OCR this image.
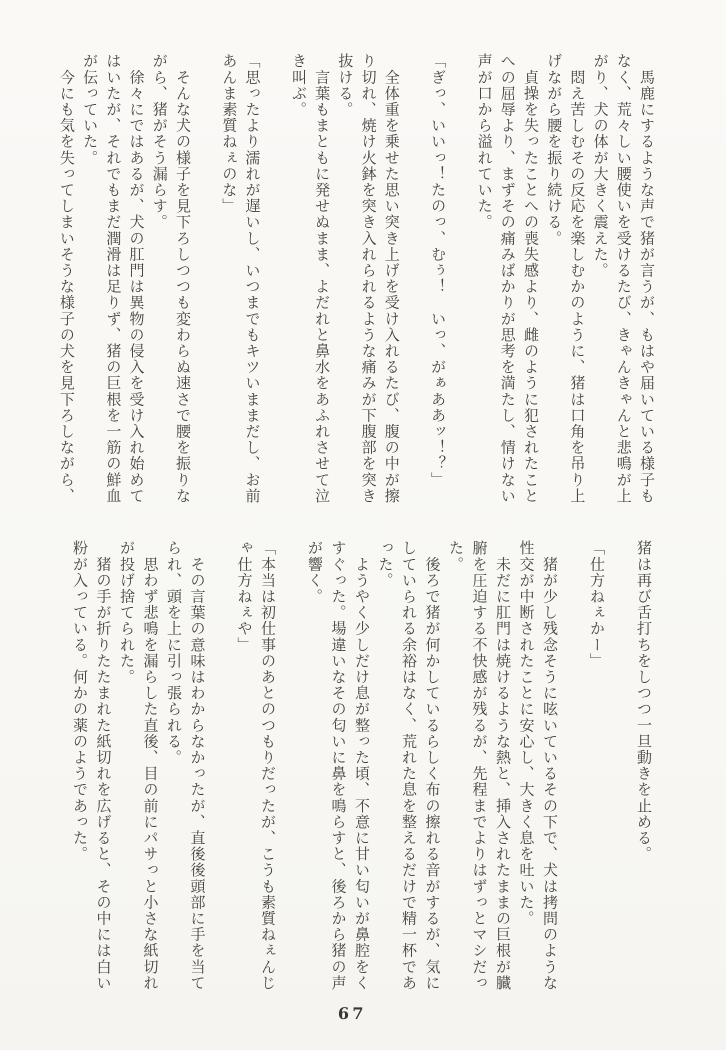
　馬鹿にするような声で猪が言うが、もはや届いている様子も
なく、荒々しい腰使いを受けるたび、きゃんきゃんと悲鳴が上
がり、犬の体が大きく震えた。
　悶え苦しむその反応を楽しむかのように、猪は口角を吊り上
げながら腰を振り続ける。
　貞操を失ったことへの喪失感より、雌のように犯されたこと
への屈辱より、まずその痛みばかりが思考を満たし、情けない
声が口から溢れていた。

「ぎっ、いいっ！たのっ、むぅ！　いっ、がぁああッ！？」

　全体重を乗せた思い突き上げを受け入れるたび、腹の中が擦
り切れ、焼け火鉢を突き入れられるような痛みが下腹部を突き
抜ける。
　言葉もまともに発せぬまま、よだれと鼻水をあふれさせて泣
き叫ぶ。

「思ったより濡れが遅いし、いつまでもキツいままだし、お前
あんま素質ねぇのな」

　そんな犬の様子を見下ろしつつも変わらぬ速さで腰を振りな
がら、猪がそう漏らす。
　徐々にではあるが、犬の肛門は異物の侵入を受け入れ始めて
はいたが、それでもまだ潤滑は足りず、猪の巨根を一筋の鮮血
が伝っていた。
　今にも気を失ってしまいそうな様子の犬を見下ろしながら、
猪は再び舌打ちをしつつ一旦動きを止める。

「仕方ねぇかー」

　猪が少し残念そうに呟いているその下で、犬は拷問のような
性交が中断されたことに安心し、大きく息を吐いた。
　未だに肛門は焼けるような熱と、挿入されたままの巨根が臓
腑を圧迫する不快感が残るが、先程までよりはずっとマシだっ
た。
　後ろで猪が何かしているらしく布の擦れる音がするが、気に
していられる余裕はなく、荒れた息を整えるだけで精一杯であ
った。
　ようやく少しだけ息が整った頃、不意に甘い匂いが鼻腔をく
すぐった。場違いなその匂いに鼻を鳴らすと、後ろから猪の声
が響く。

「本当は初仕事のあとのつもりだったが、こうも素質ねぇんじ
ゃ仕方ねぇや」

　その言葉の意味はわからなかったが、直後後頭部に手を当て
られ、頭を上に引っ張られる。
　思わず悲鳴を漏らした直後、目の前にパサっと小さな紙切れ
が投げ捨てられた。
　猪の手が折りたたまれた紙切れを広げると、その中には白い
粉が入っている。何かの薬のようであった。
67
